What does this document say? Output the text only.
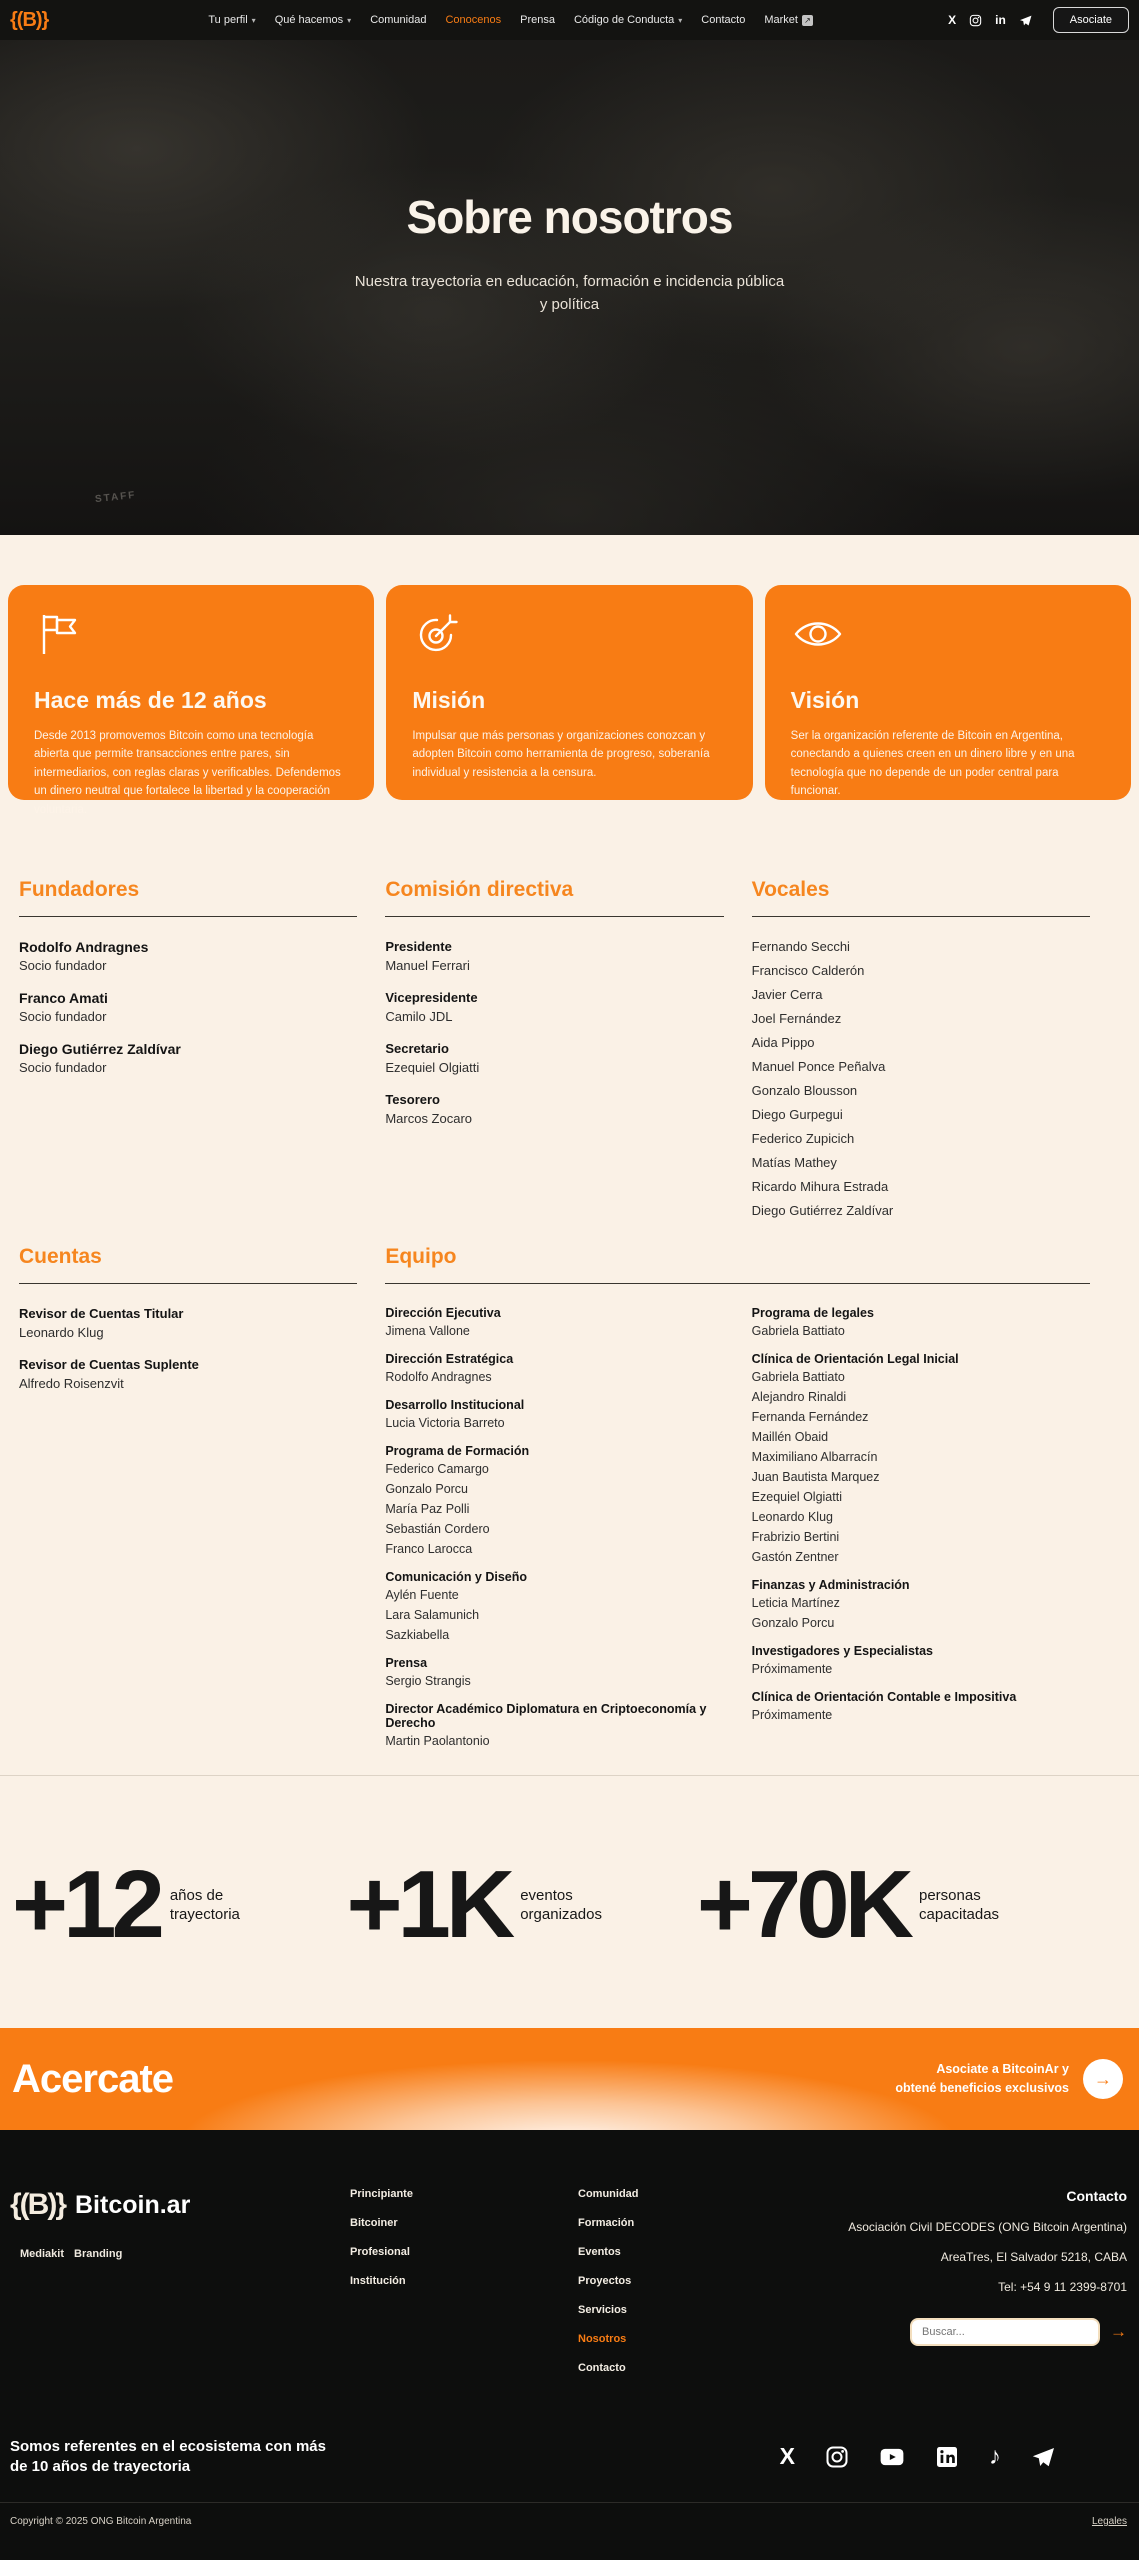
{(B)}	Tu perfil ▾ Qué hacemos ▾ Comunidad Conocenos Prensa Código de Conducta ▾ Contacto Market ↗	X	in	Asociate
Sobre nosotros

Nuestra trayectoria en educación, formación e incidencia pública y política

STAFF
Hace más de 12 años
Desde 2013 promovemos Bitcoin como una tecnología abierta que permite transacciones entre pares, sin intermediarios, con reglas claras y verificables. Defendemos un dinero neutral que fortalece la libertad y la cooperación voluntaria.
Misión
Impulsar que más personas y organizaciones conozcan y adopten Bitcoin como herramienta de progreso, soberanía individual y resistencia a la censura.
Visión
Ser la organización referente de Bitcoin en Argentina, conectando a quienes creen en un dinero libre y en una tecnología que no depende de un poder central para funcionar.
Fundadores
Rodolfo Andragnes
Socio fundador
Franco Amati
Socio fundador
Diego Gutiérrez Zaldívar
Socio fundador
Comisión directiva
Presidente
Manuel Ferrari
Vicepresidente
Camilo JDL
Secretario
Ezequiel Olgiatti
Tesorero
Marcos Zocaro
Vocales
Fernando Secchi
Francisco Calderón
Javier Cerra
Joel Fernández
Aida Pippo
Manuel Ponce Peñalva
Gonzalo Blousson
Diego Gurpegui
Federico Zupicich
Matías Mathey
Ricardo Mihura Estrada
Diego Gutiérrez Zaldívar
Cuentas
Revisor de Cuentas Titular
Leonardo Klug
Revisor de Cuentas Suplente
Alfredo Roisenzvit
Equipo
Dirección Ejecutiva
Jimena Vallone
Dirección Estratégica
Rodolfo Andragnes
Desarrollo Institucional
Lucia Victoria Barreto
Programa de Formación
Federico Camargo
Gonzalo Porcu
María Paz Polli
Sebastián Cordero
Franco Larocca
Comunicación y Diseño
Aylén Fuente
Lara Salamunich
Sazkiabella
Prensa
Sergio Strangis
Director Académico Diplomatura en Criptoeconomía y Derecho
Martin Paolantonio
Programa de legales
Gabriela Battiato
Clínica de Orientación Legal Inicial
Gabriela Battiato
Alejandro Rinaldi
Fernanda Fernández
Maillén Obaid
Maximiliano Albarracín
Juan Bautista Marquez
Ezequiel Olgiatti
Leonardo Klug
Frabrizio Bertini
Gastón Zentner
Finanzas y Administración
Leticia Martínez
Gonzalo Porcu
Investigadores y Especialistas
Próximamente
Clínica de Orientación Contable e Impositiva
Próximamente
+12 años de trayectoria +1K eventos organizados +70K personas capacitadas
Acercate	Asociate a BitcoinAr y
obtené beneficios exclusivos →
{(B)} Bitcoin.ar
Mediakit Branding
Principiante
Bitcoiner
Profesional
Institución
Comunidad
Formación
Eventos
Proyectos
Servicios
Nosotros
Contacto
Contacto
Asociación Civil DECODES (ONG Bitcoin Argentina)
AreaTres, El Salvador 5218, CABA
Tel: +54 9 11 2399-8701
Buscar...
→
Somos referentes en el ecosistema con más de 10 años de trayectoria	X	♪
Copyright © 2025 ONG Bitcoin Argentina	Legales
